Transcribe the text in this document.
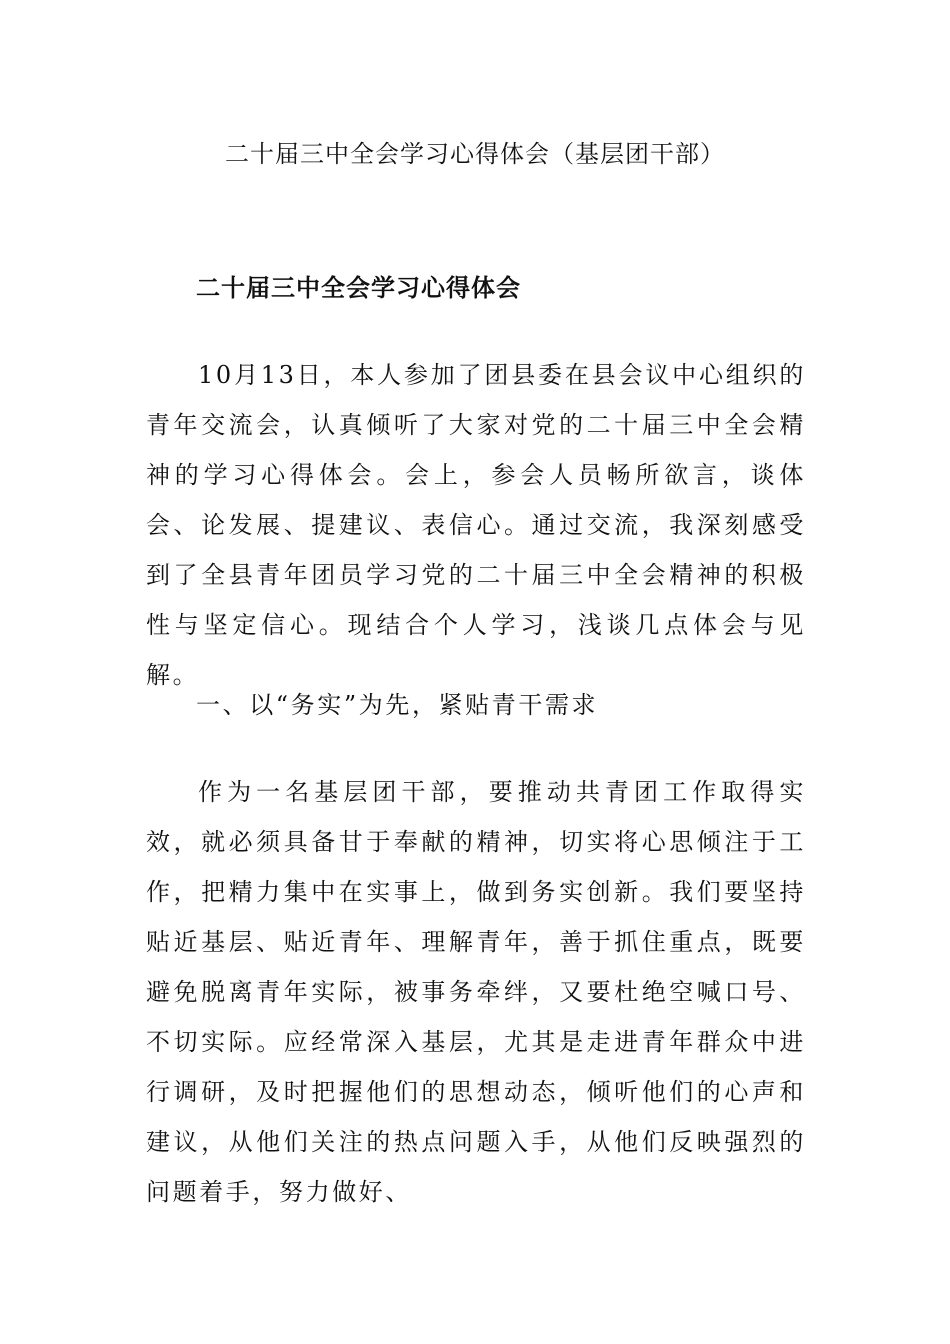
二十届三中全会学习心得体会（基层团干部）
二十届三中全会学习心得体会

10月13日，本人参加了团县委在县会议中心组织的青年交流会，认真倾听了大家对党的二十届三中全会精神的学习心得体会。会上，参会人员畅所欲言，谈体会、论发展、提建议、表信心。通过交流，我深刻感受到了全县青年团员学习党的二十届三中全会精神的积极性与坚定信心。现结合个人学习，浅谈几点体会与见解。

一、以“务实”为先，紧贴青干需求

作为一名基层团干部，要推动共青团工作取得实效，就必须具备甘于奉献的精神，切实将心思倾注于工作，把精力集中在实事上，做到务实创新。我们要坚持贴近基层、贴近青年、理解青年，善于抓住重点，既要避免脱离青年实际，被事务牵绊，又要杜绝空喊口号、不切实际。应经常深入基层，尤其是走进青年群众中进行调研，及时把握他们的思想动态，倾听他们的心声和建议，从他们关注的热点问题入手，从他们反映强烈的问题着手，努力做好、
